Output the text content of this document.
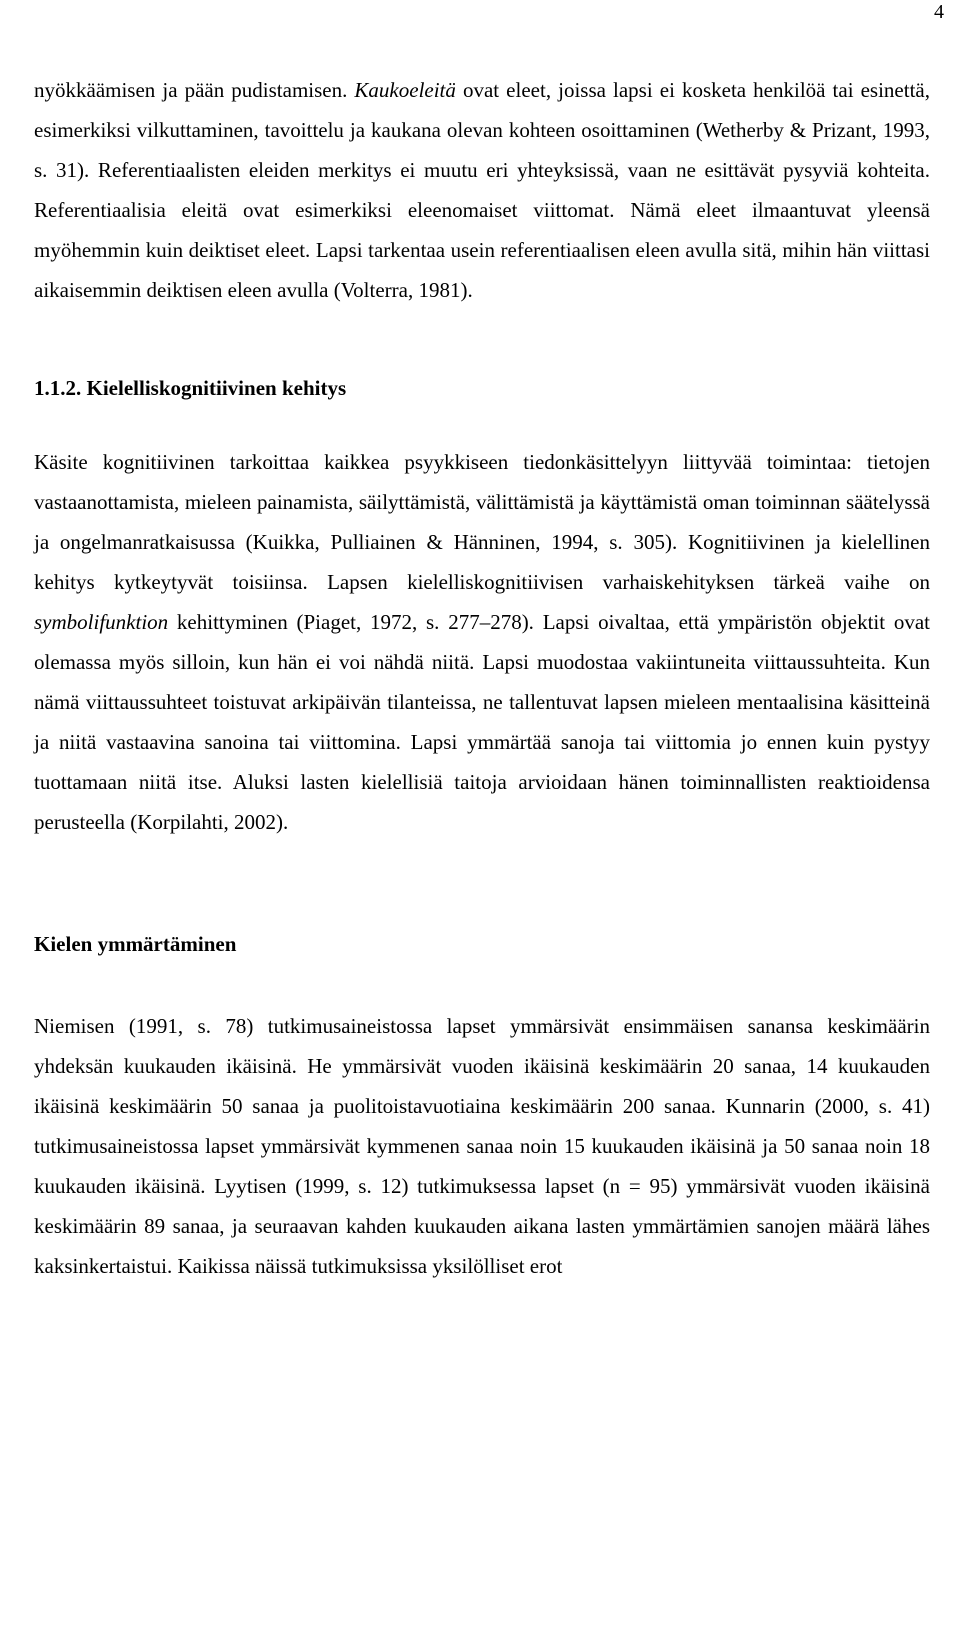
4

nyökkäämisen ja pään pudistamisen. Kaukoeleitä ovat eleet, joissa lapsi ei kosketa henkilöä tai esinettä, esimerkiksi vilkuttaminen, tavoittelu ja kaukana olevan kohteen osoittaminen (Wetherby & Prizant, 1993, s. 31). Referentiaalisten eleiden merkitys ei muutu eri yhteyksissä, vaan ne esittävät pysyviä kohteita. Referentiaalisia eleitä ovat esimerkiksi eleenomaiset viittomat. Nämä eleet ilmaantuvat yleensä myöhemmin kuin deiktiset eleet. Lapsi tarkentaa usein referentiaalisen eleen avulla sitä, mihin hän viittasi aikaisemmin deiktisen eleen avulla (Volterra, 1981).

1.1.2. Kielelliskognitiivinen kehitys

Käsite kognitiivinen tarkoittaa kaikkea psyykkiseen tiedonkäsittelyyn liittyvää toimintaa: tietojen vastaanottamista, mieleen painamista, säilyttämistä, välittämistä ja käyttämistä oman toiminnan säätelyssä ja ongelmanratkaisussa (Kuikka, Pulliainen & Hänninen, 1994, s. 305). Kognitiivinen ja kielellinen kehitys kytkeytyvät toisiinsa. Lapsen kielelliskognitiivisen varhaiskehityksen tärkeä vaihe on symbolifunktion kehittyminen (Piaget, 1972, s. 277‒278). Lapsi oivaltaa, että ympäristön objektit ovat olemassa myös silloin, kun hän ei voi nähdä niitä. Lapsi muodostaa vakiintuneita viittaussuhteita. Kun nämä viittaussuhteet toistuvat arkipäivän tilanteissa, ne tallentuvat lapsen mieleen mentaalisina käsitteinä ja niitä vastaavina sanoina tai viittomina. Lapsi ymmärtää sanoja tai viittomia jo ennen kuin pystyy tuottamaan niitä itse. Aluksi lasten kielellisiä taitoja arvioidaan hänen toiminnallisten reaktioidensa perusteella (Korpilahti, 2002).

Kielen ymmärtäminen

Niemisen (1991, s. 78) tutkimusaineistossa lapset ymmärsivät ensimmäisen sanansa keskimäärin yhdeksän kuukauden ikäisinä. He ymmärsivät vuoden ikäisinä keskimäärin 20 sanaa, 14 kuukauden ikäisinä keskimäärin 50 sanaa ja puolitoistavuotiaina keskimäärin 200 sanaa. Kunnarin (2000, s. 41) tutkimusaineistossa lapset ymmärsivät kymmenen sanaa noin 15 kuukauden ikäisinä ja 50 sanaa noin 18 kuukauden ikäisinä. Lyytisen (1999, s. 12) tutkimuksessa lapset (n = 95) ymmärsivät vuoden ikäisinä keskimäärin 89 sanaa, ja seuraavan kahden kuukauden aikana lasten ymmärtämien sanojen määrä lähes kaksinkertaistui. Kaikissa näissä tutkimuksissa yksilölliset erot
